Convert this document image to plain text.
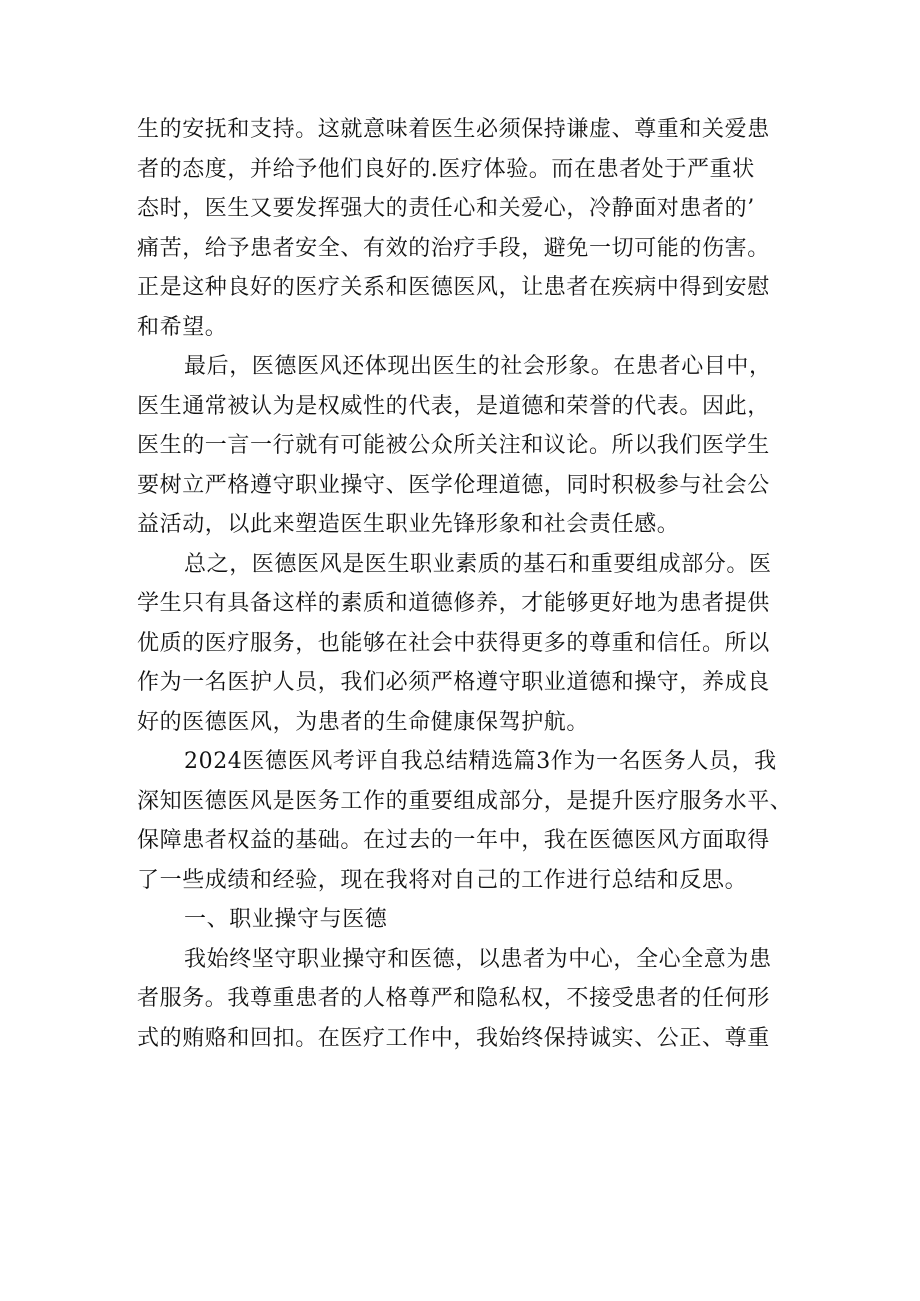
生的安抚和支持。这就意味着医生必须保持谦虚、尊重和关爱患
者的态度，并给予他们良好的.医疗体验。而在患者处于严重状
态时，医生又要发挥强大的责任心和关爱心，冷静面对患者的’
痛苦，给予患者安全、有效的治疗手段，避免一切可能的伤害。
正是这种良好的医疗关系和医德医风，让患者在疾病中得到安慰
和希望。
最后，医德医风还体现出医生的社会形象。在患者心目中，
医生通常被认为是权威性的代表，是道德和荣誉的代表。因此，
医生的一言一行就有可能被公众所关注和议论。所以我们医学生
要树立严格遵守职业操守、医学伦理道德，同时积极参与社会公
益活动，以此来塑造医生职业先锋形象和社会责任感。
总之，医德医风是医生职业素质的基石和重要组成部分。医
学生只有具备这样的素质和道德修养，才能够更好地为患者提供
优质的医疗服务，也能够在社会中获得更多的尊重和信任。所以
作为一名医护人员，我们必须严格遵守职业道德和操守，养成良
好的医德医风，为患者的生命健康保驾护航。
2024医德医风考评自我总结精选篇3作为一名医务人员，我
深知医德医风是医务工作的重要组成部分，是提升医疗服务水平、
保障患者权益的基础。在过去的一年中，我在医德医风方面取得
了一些成绩和经验，现在我将对自己的工作进行总结和反思。
一、职业操守与医德
我始终坚守职业操守和医德，以患者为中心，全心全意为患
者服务。我尊重患者的人格尊严和隐私权，不接受患者的任何形
式的贿赂和回扣。在医疗工作中，我始终保持诚实、公正、尊重
